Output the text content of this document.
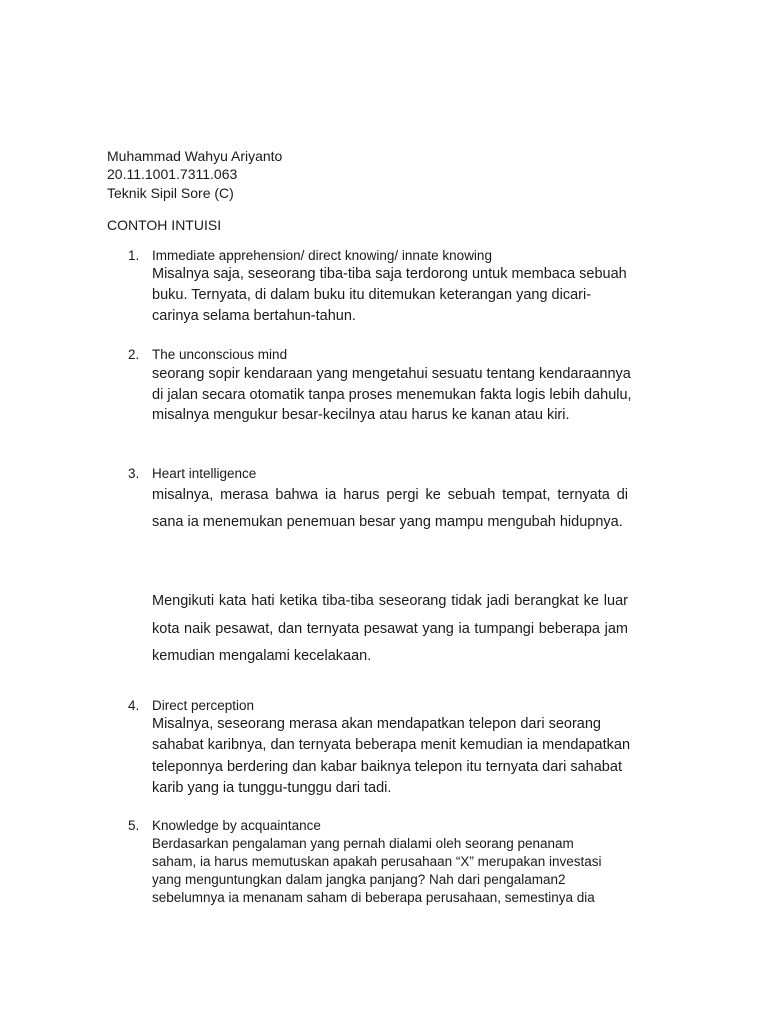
Muhammad Wahyu Ariyanto
20.11.1001.7311.063
Teknik Sipil Sore (C)
CONTOH INTUISI
1. Immediate apprehension/ direct knowing/ innate knowing

Misalnya saja, seseorang tiba-tiba saja terdorong untuk membaca sebuah buku. Ternyata, di dalam buku itu ditemukan keterangan yang dicari-carinya selama bertahun-tahun.

2. The unconscious mind

seorang sopir kendaraan yang mengetahui sesuatu tentang kendaraannya di jalan secara otomatik tanpa proses menemukan fakta logis lebih dahulu, misalnya mengukur besar-kecilnya atau harus ke kanan atau kiri.

3. Heart intelligence

misalnya, merasa bahwa ia harus pergi ke sebuah tempat, ternyata di sana ia menemukan penemuan besar yang mampu mengubah hidupnya.

Mengikuti kata hati ketika tiba-tiba seseorang tidak jadi berangkat ke luar kota naik pesawat, dan ternyata pesawat yang ia tumpangi beberapa jam kemudian mengalami kecelakaan.

4. Direct perception

Misalnya, seseorang merasa akan mendapatkan telepon dari seorang sahabat karibnya, dan ternyata beberapa menit kemudian ia mendapatkan teleponnya berdering dan kabar baiknya telepon itu ternyata dari sahabat karib yang ia tunggu-tunggu dari tadi.

5. Knowledge by acquaintance

Berdasarkan pengalaman yang pernah dialami oleh seorang penanam saham, ia harus memutuskan apakah perusahaan “X” merupakan investasi yang menguntungkan dalam jangka panjang? Nah dari pengalaman2 sebelumnya ia menanam saham di beberapa perusahaan, semestinya dia
